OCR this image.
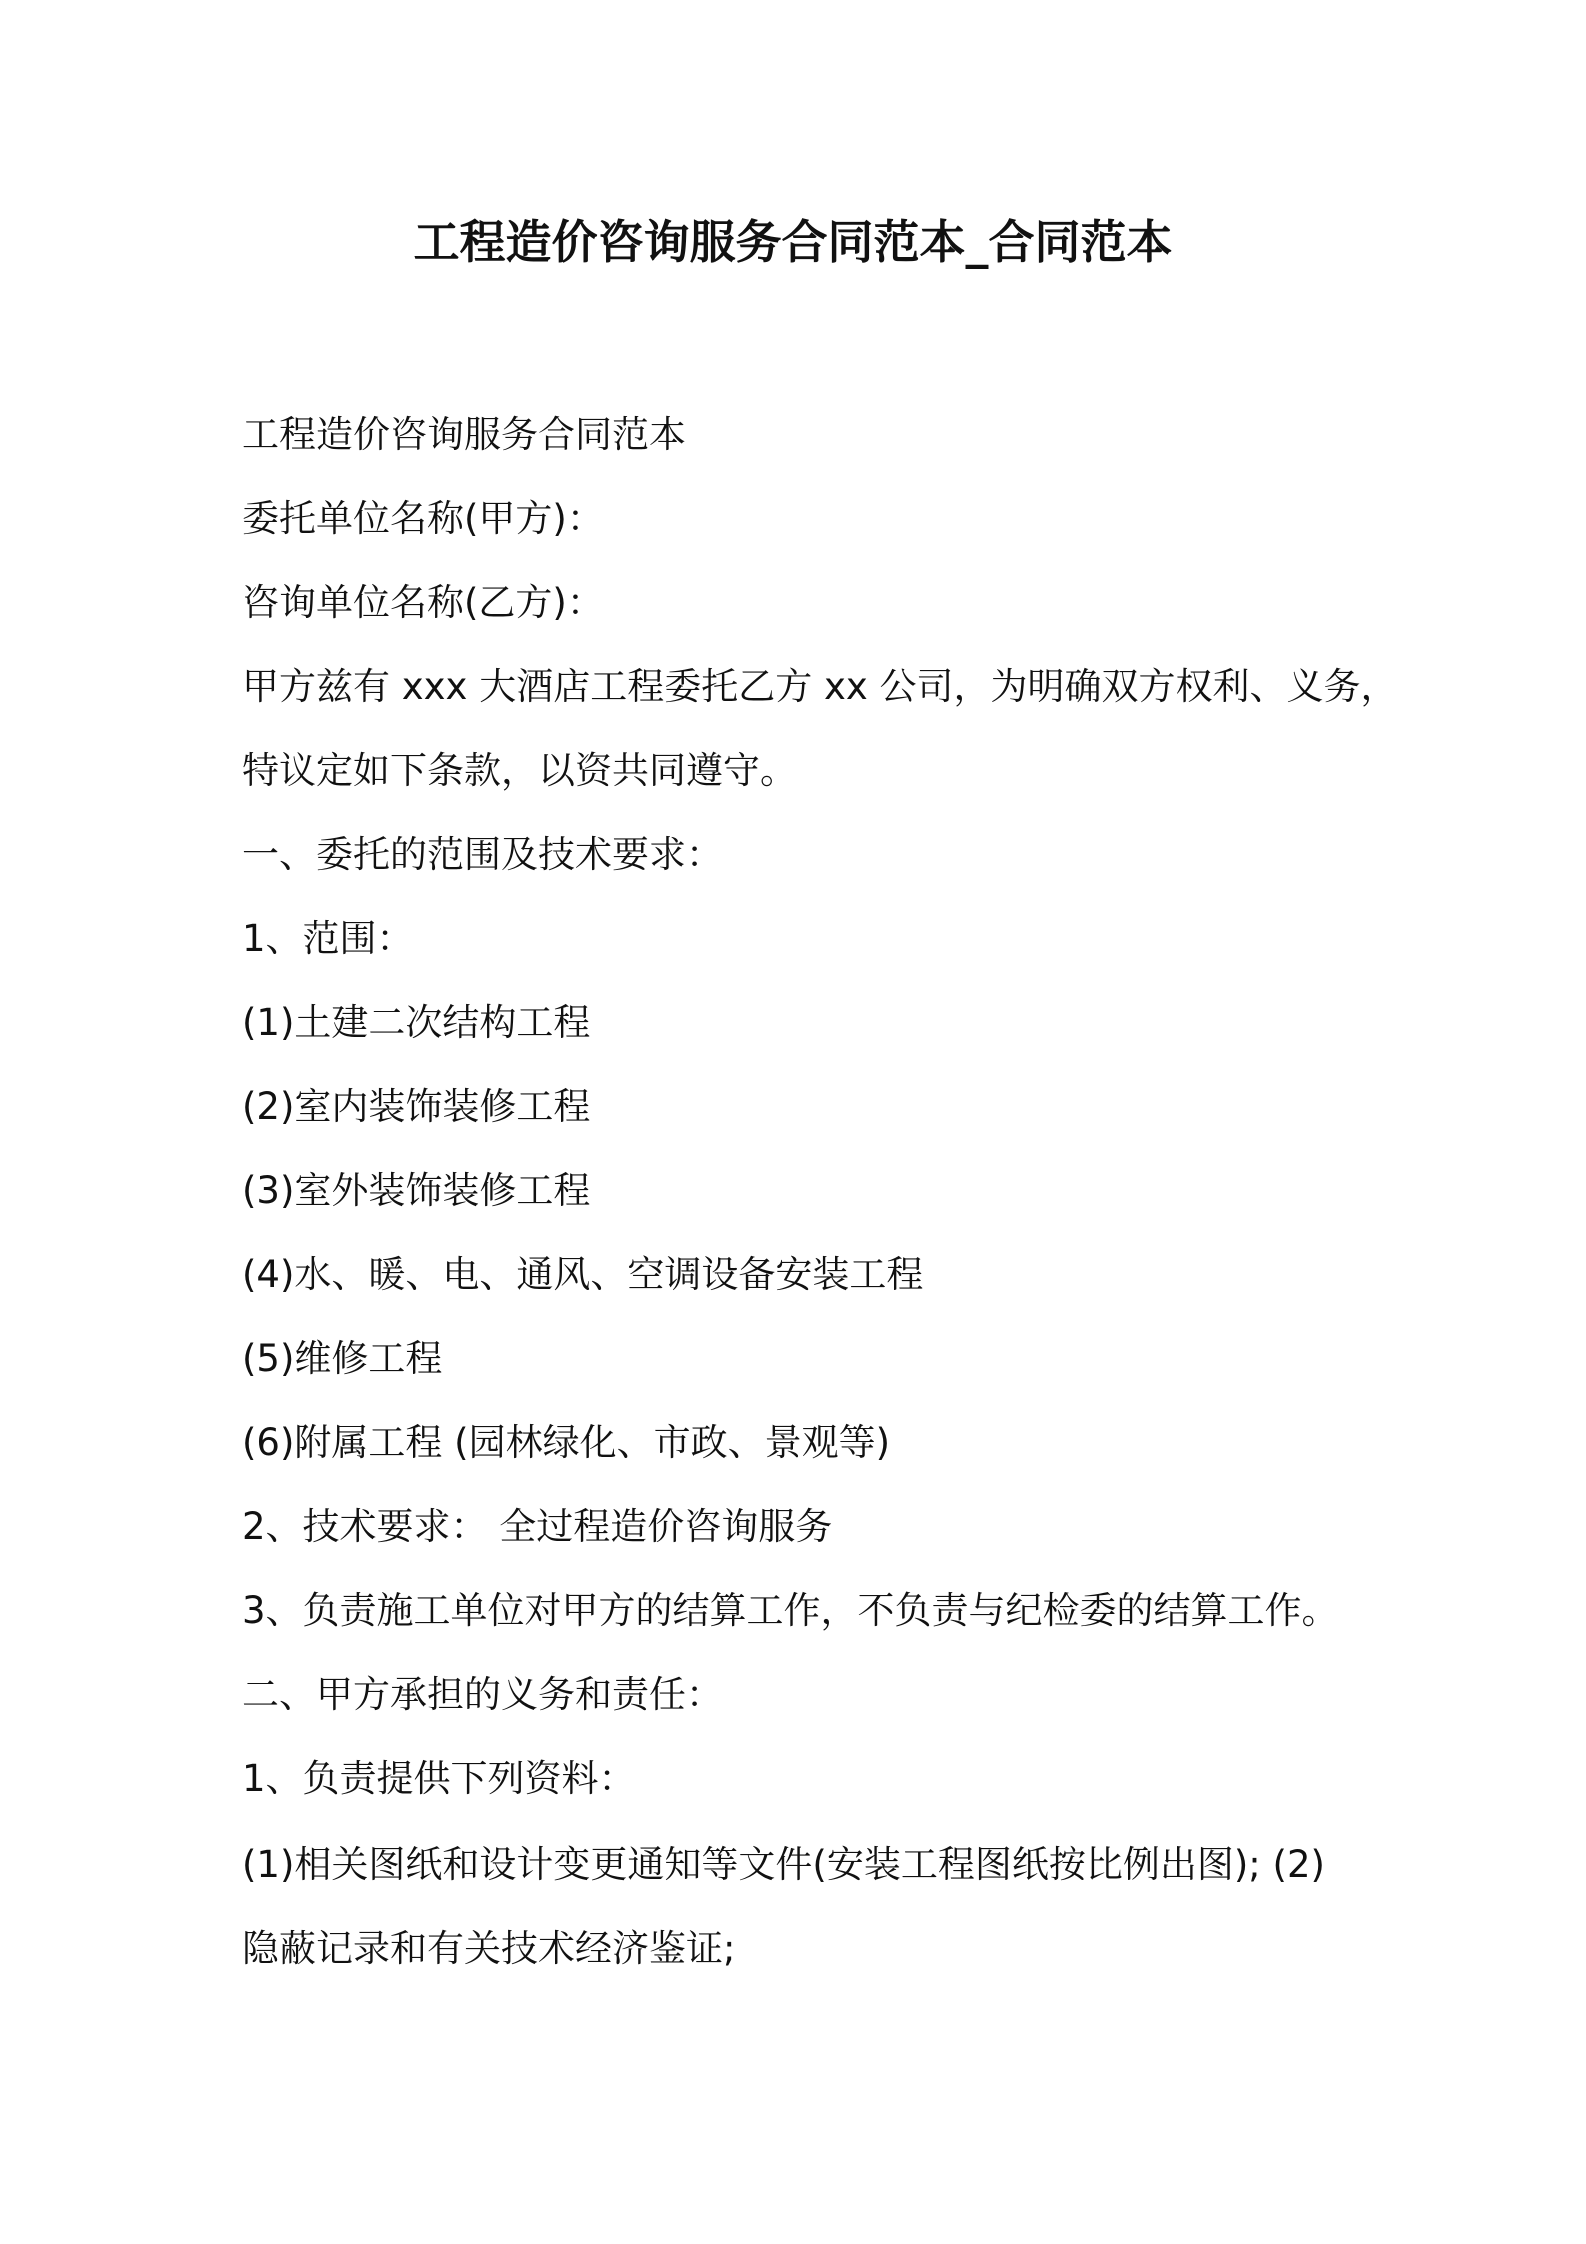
工程造价咨询服务合同范本_合同范本
工程造价咨询服务合同范本
委托单位名称(甲方)：
咨询单位名称(乙方)：
甲方兹有 xxx 大酒店工程委托乙方 xx 公司，为明确双方权利、义务，
特议定如下条款，以资共同遵守。
一、委托的范围及技术要求：
1、范围：
(1)土建二次结构工程
(2)室内装饰装修工程
(3)室外装饰装修工程
(4)水、暖、电、通风、空调设备安装工程
(5)维修工程
(6)附属工程 (园林绿化、市政、景观等)
2、技术要求： 全过程造价咨询服务
3、负责施工单位对甲方的结算工作，不负责与纪检委的结算工作。
二、甲方承担的义务和责任：
1、负责提供下列资料：
(1)相关图纸和设计变更通知等文件(安装工程图纸按比例出图); (2)
隐蔽记录和有关技术经济鉴证;
